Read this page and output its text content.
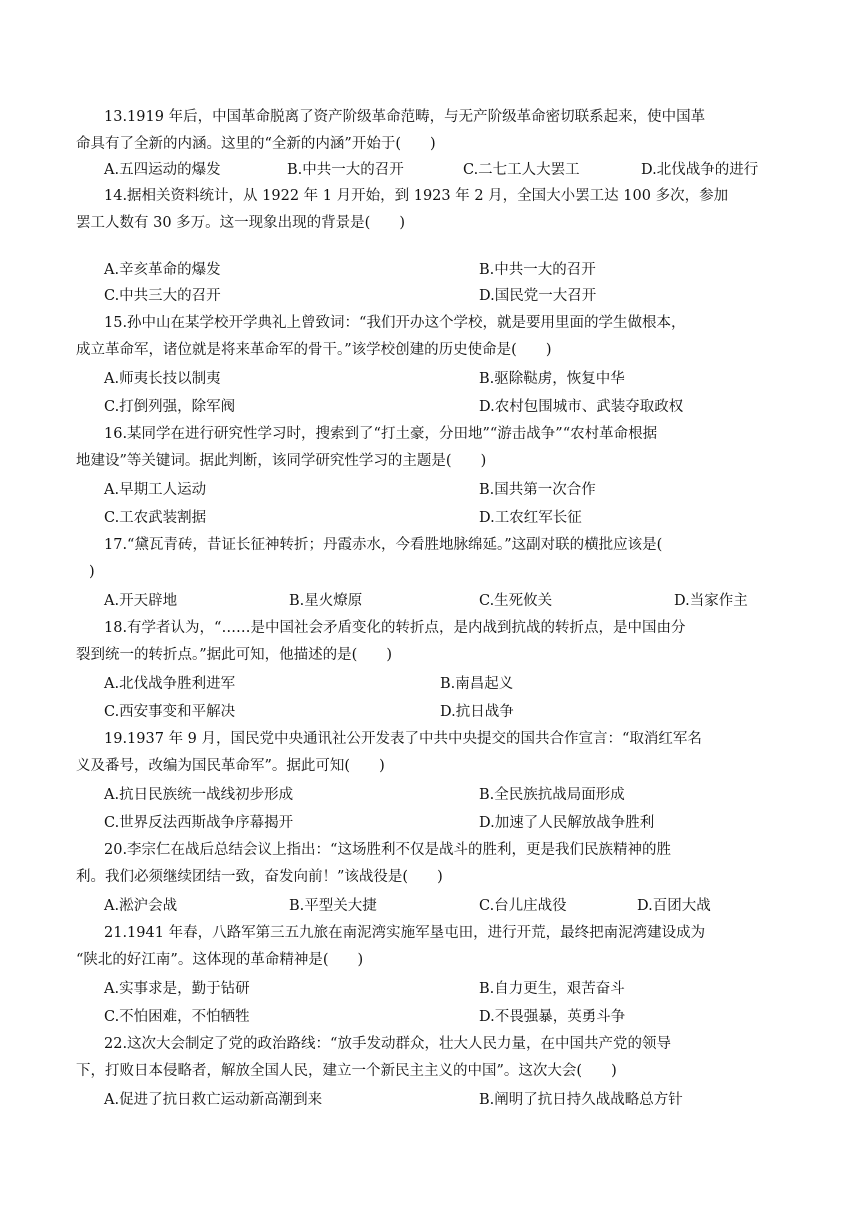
13.1919 年后，中国革命脱离了资产阶级革命范畴，与无产阶级革命密切联系起来，使中国革
命具有了全新的内涵。这里的“全新的内涵”开始于(　　)
A.五四运动的爆发	B.中共一大的召开	C.二七工人大罢工	D.北伐战争的进行
14.据相关资料统计，从 1922 年 1 月开始，到 1923 年 2 月，全国大小罢工达 100 多次，参加
罢工人数有 30 多万。这一现象出现的背景是(　　)
A.辛亥革命的爆发	B.中共一大的召开
C.中共三大的召开	D.国民党一大召开
15.孙中山在某学校开学典礼上曾致词：“我们开办这个学校，就是要用里面的学生做根本，
成立革命军，诸位就是将来革命军的骨干。”该学校创建的历史使命是(　　)
A.师夷长技以制夷	B.驱除鞑虏，恢复中华
C.打倒列强，除军阀	D.农村包围城市、武装夺取政权
16.某同学在进行研究性学习时，搜索到了“打土豪，分田地”“游击战争”“农村革命根据
地建设”等关键词。据此判断，该同学研究性学习的主题是(　　)
A.早期工人运动	B.国共第一次合作
C.工农武装割据	D.工农红军长征
17.“黛瓦青砖，昔证长征神转折；丹霞赤水，今看胜地脉绵延。”这副对联的横批应该是(
)
A.开天辟地	B.星火燎原	C.生死攸关	D.当家作主
18.有学者认为，“……是中国社会矛盾变化的转折点，是内战到抗战的转折点，是中国由分
裂到统一的转折点。”据此可知，他描述的是(　　)
A.北伐战争胜利进军	B.南昌起义
C.西安事变和平解决	D.抗日战争
19.1937 年 9 月，国民党中央通讯社公开发表了中共中央提交的国共合作宣言：“取消红军名
义及番号，改编为国民革命军”。据此可知(　　)
A.抗日民族统一战线初步形成	B.全民族抗战局面形成
C.世界反法西斯战争序幕揭开	D.加速了人民解放战争胜利
20.李宗仁在战后总结会议上指出：“这场胜利不仅是战斗的胜利，更是我们民族精神的胜
利。我们必须继续团结一致，奋发向前！”该战役是(　　)
A.淞沪会战	B.平型关大捷	C.台儿庄战役	D.百团大战
21.1941 年春，八路军第三五九旅在南泥湾实施军垦屯田，进行开荒，最终把南泥湾建设成为
“陕北的好江南”。这体现的革命精神是(　　)
A.实事求是，勤于钻研	B.自力更生，艰苦奋斗
C.不怕困难，不怕牺牲	D.不畏强暴，英勇斗争
22.这次大会制定了党的政治路线：“放手发动群众，壮大人民力量，在中国共产党的领导
下，打败日本侵略者，解放全国人民，建立一个新民主主义的中国”。这次大会(　　)
A.促进了抗日救亡运动新高潮到来	B.阐明了抗日持久战战略总方针
